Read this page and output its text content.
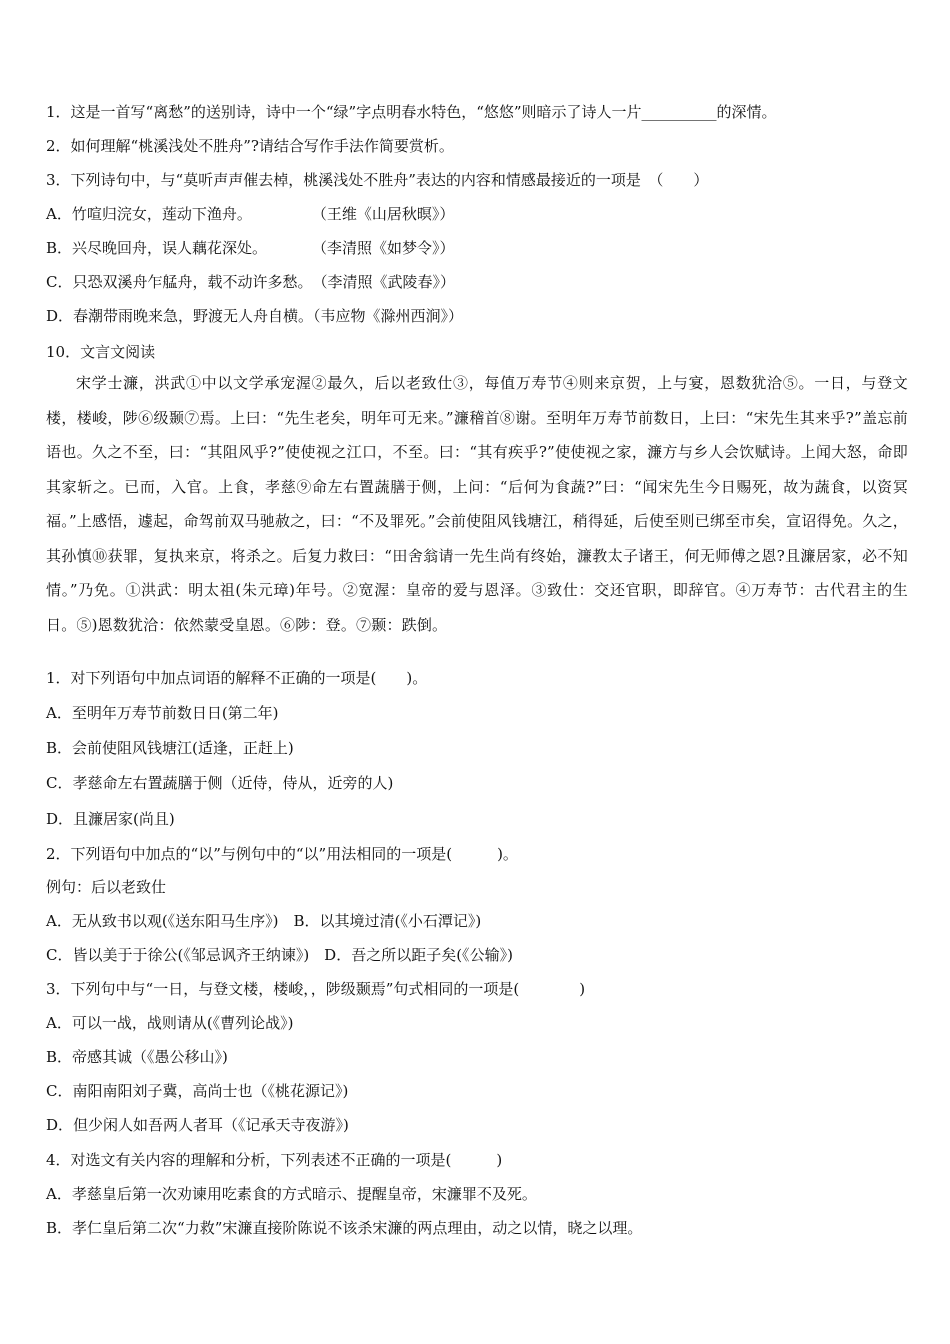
1．这是一首写“离愁”的送别诗，诗中一个“绿”字点明春水特色，“悠悠”则暗示了诗人一片__________的深情。
2．如何理解“桃溪浅处不胜舟”?请结合写作手法作简要赏析。
3．下列诗句中，与“莫听声声催去棹，桃溪浅处不胜舟”表达的内容和情感最接近的一项是　（　　）
A．竹喧归浣女，莲动下渔舟。　　　　　（王维《山居秋暝》）
B．兴尽晚回舟，误人藕花深处。　　　　（李清照《如梦令》）
C．只恐双溪舟乍艋舟，载不动许多愁。　（李清照《武陵春》）
D．春潮带雨晚来急，野渡无人舟自横。（韦应物《滁州西涧》）
10．文言文阅读
宋学士濂，洪武①中以文学承宠渥②最久，后以老致仕③，每值万寿节④则来京贺，上与宴，恩数犹洽⑤。一日，与登文楼，楼峻，陟⑥级颞⑦焉。上曰：“先生老矣，明年可无来。”濂稽首⑧谢。至明年万寿节前数日，上曰：“宋先生其来乎?”盖忘前语也。久之不至，曰：“其阻风乎?”使使视之江口，不至。曰：“其有疾乎?”使使视之家，濂方与乡人会饮赋诗。上闻大怒，命即其家斩之。已而，入官。上食，孝慈⑨命左右置蔬膳于侧，上问：“后何为食蔬?”曰：“闻宋先生今日赐死，故为蔬食，以资冥福。”上感悟，遽起，命驾前双马驰赦之，曰：“不及罪死。”会前使阻风钱塘江，稍得延，后使至则已绑至市矣，宣诏得免。久之，其孙慎⑩获罪，复执来京，将杀之。后复力救曰：“田舍翁请一先生尚有终始，濂教太子诸王，何无师傅之恩?且濂居家，必不知情。”乃免。①洪武：明太祖(朱元璋)年号。②宽渥：皇帝的爱与恩泽。③致仕：交还官职，即辞官。④万寿节：古代君主的生日。⑤)恩数犹洽：依然蒙受皇恩。⑥陟：登。⑦颞：跌倒。
1．对下列语句中加点词语的解释不正确的一项是(　　)。
A．至明年万寿节前数日日(第二年)
B．会前使阻风钱塘江(适逢，正赶上)
C．孝慈命左右置蔬膳于侧（近侍，侍从，近旁的人)
D．且濂居家(尚且)
2．下列语句中加点的“以”与例句中的“以”用法相同的一项是(　　　)。
例句：后以老致仕
A．无从致书以观(《送东阳马生序》)　B．以其境过清(《小石潭记》)
C．皆以美于于徐公(《邹忌讽齐王纳谏》)　D．吾之所以距子矣(《公输》)
3．下列句中与“一日，与登文楼，楼峻，，陟级颞焉”句式相同的一项是(　　　　)
A．可以一战，战则请从(《曹列论战》)
B．帝感其诚（《愚公移山》)
C．南阳南阳刘子冀，高尚士也（《桃花源记》)
D．但少闲人如吾两人者耳（《记承天寺夜游》)
4．对选文有关内容的理解和分析，下列表述不正确的一项是(　　　)
A．孝慈皇后第一次劝谏用吃素食的方式暗示、提醒皇帝，宋濂罪不及死。
B．孝仁皇后第二次“力救”宋濂直接阶陈说不该杀宋濂的两点理由，动之以情，晓之以理。
